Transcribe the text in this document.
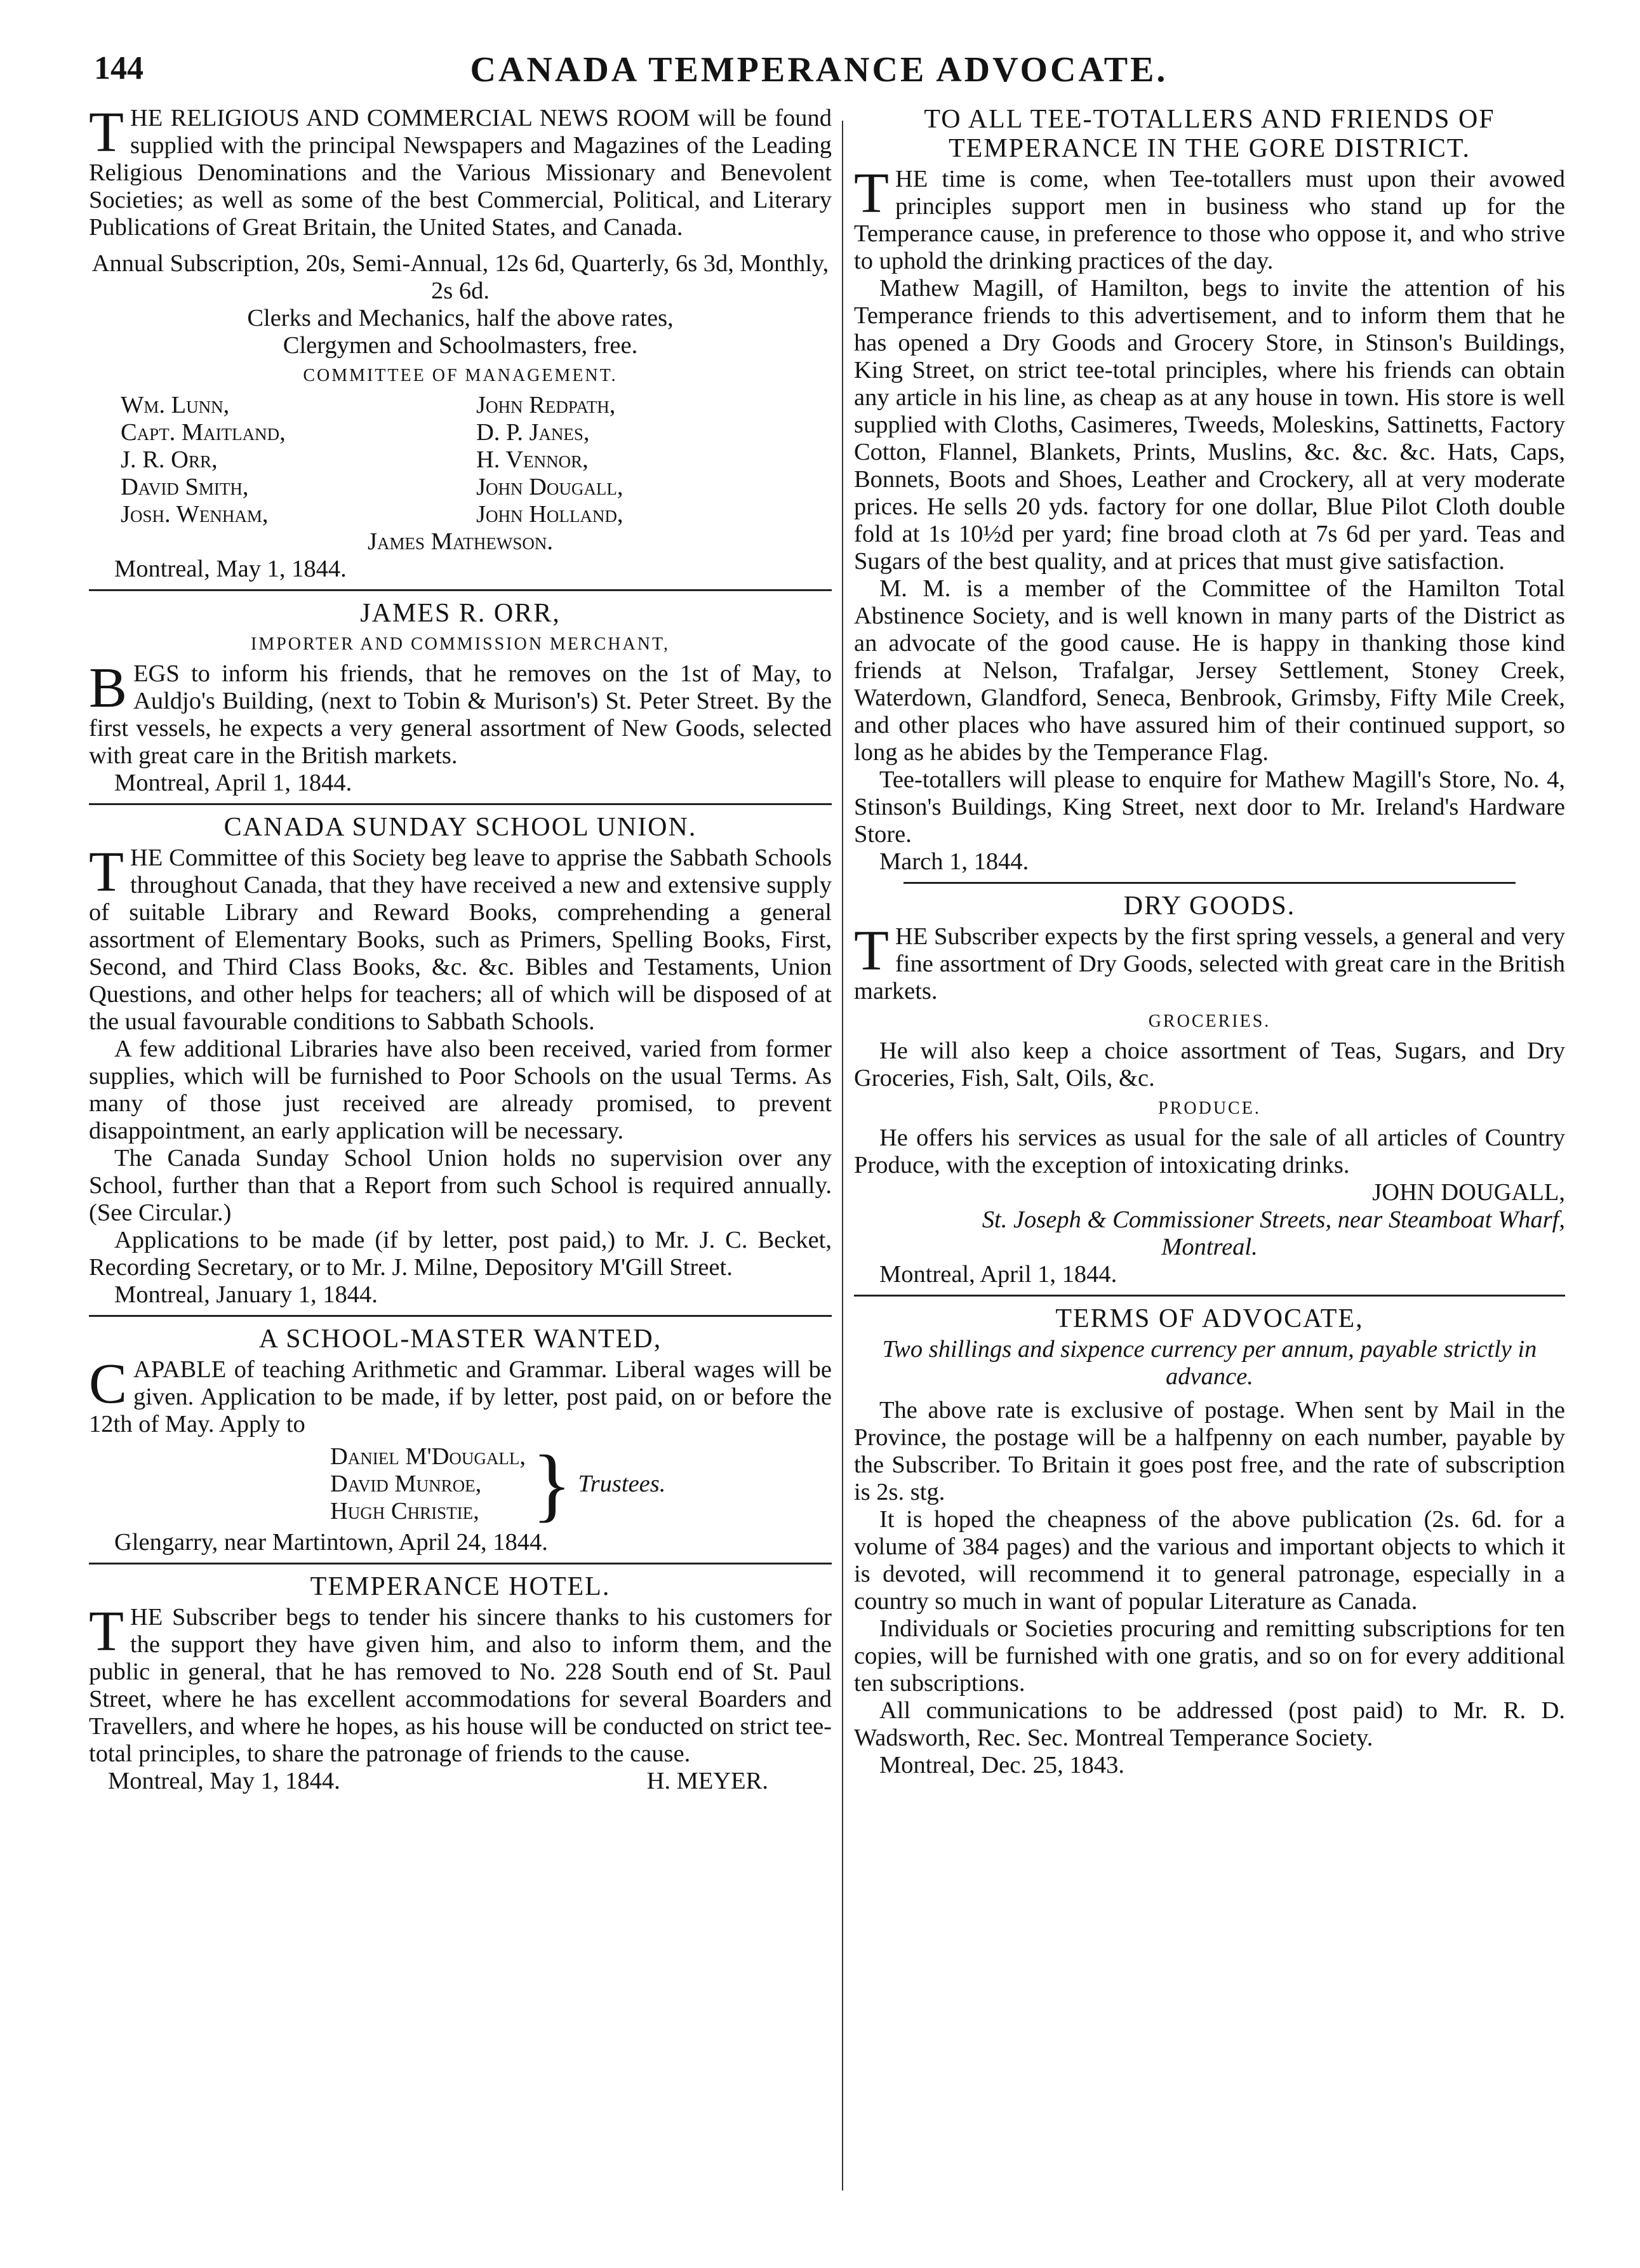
144	CANADA TEMPERANCE ADVOCATE.

THE RELIGIOUS AND COMMERCIAL NEWS ROOM will be found supplied with the principal Newspapers and Magazines of the Leading Religious Denominations and the Various Missionary and Benevolent Societies; as well as some of the best Commercial, Political, and Literary Publications of Great Britain, the United States, and Canada.

Annual Subscription, 20s, Semi-Annual, 12s 6d, Quarterly, 6s 3d, Monthly, 2s 6d.

Clerks and Mechanics, half the above rates,

Clergymen and Schoolmasters, free.

COMMITTEE OF MANAGEMENT.
Wm. Lunn,	John Redpath,
Capt. Maitland,	D. P. Janes,
J. R. Orr,	H. Vennor,
David Smith,	John Dougall,
Josh. Wenham,	John Holland,

James Mathewson.

Montreal, May 1, 1844.

JAMES R. ORR,
IMPORTER AND COMMISSION MERCHANT,

BEGS to inform his friends, that he removes on the 1st of May, to Auldjo's Building, (next to Tobin & Murison's) St. Peter Street. By the first vessels, he expects a very general assortment of New Goods, selected with great care in the British markets.

Montreal, April 1, 1844.

CANADA SUNDAY SCHOOL UNION.

THE Committee of this Society beg leave to apprise the Sabbath Schools throughout Canada, that they have received a new and extensive supply of suitable Library and Reward Books, comprehending a general assortment of Elementary Books, such as Primers, Spelling Books, First, Second, and Third Class Books, &c. &c. Bibles and Testaments, Union Questions, and other helps for teachers; all of which will be disposed of at the usual favourable conditions to Sabbath Schools.

A few additional Libraries have also been received, varied from former supplies, which will be furnished to Poor Schools on the usual Terms. As many of those just received are already promised, to prevent disappointment, an early application will be necessary.

The Canada Sunday School Union holds no supervision over any School, further than that a Report from such School is required annually. (See Circular.)

Applications to be made (if by letter, post paid,) to Mr. J. C. Becket, Recording Secretary, or to Mr. J. Milne, Depository M'Gill Street.

Montreal, January 1, 1844.

A SCHOOL-MASTER WANTED,

CAPABLE of teaching Arithmetic and Grammar. Liberal wages will be given. Application to be made, if by letter, post paid, on or before the 12th of May. Apply to

Daniel M'Dougall,
David Munroe,
Hugh Christie, } Trustees.

Glengarry, near Martintown, April 24, 1844.

TEMPERANCE HOTEL.

THE Subscriber begs to tender his sincere thanks to his customers for the support they have given him, and also to inform them, and the public in general, that he has removed to No. 228 South end of St. Paul Street, where he has excellent accommodations for several Boarders and Travellers, and where he hopes, as his house will be conducted on strict tee-total principles, to share the patronage of friends to the cause.

Montreal, May 1, 1844.	H. MEYER.
TO ALL TEE-TOTALLERS AND FRIENDS OF TEMPERANCE IN THE GORE DISTRICT.

THE time is come, when Tee-totallers must upon their avowed principles support men in business who stand up for the Temperance cause, in preference to those who oppose it, and who strive to uphold the drinking practices of the day.

Mathew Magill, of Hamilton, begs to invite the attention of his Temperance friends to this advertisement, and to inform them that he has opened a Dry Goods and Grocery Store, in Stinson's Buildings, King Street, on strict tee-total principles, where his friends can obtain any article in his line, as cheap as at any house in town. His store is well supplied with Cloths, Casimeres, Tweeds, Moleskins, Sattinetts, Factory Cotton, Flannel, Blankets, Prints, Muslins, &c. &c. &c. Hats, Caps, Bonnets, Boots and Shoes, Leather and Crockery, all at very moderate prices. He sells 20 yds. factory for one dollar, Blue Pilot Cloth double fold at 1s 10½d per yard; fine broad cloth at 7s 6d per yard. Teas and Sugars of the best quality, and at prices that must give satisfaction.

M. M. is a member of the Committee of the Hamilton Total Abstinence Society, and is well known in many parts of the District as an advocate of the good cause. He is happy in thanking those kind friends at Nelson, Trafalgar, Jersey Settlement, Stoney Creek, Waterdown, Glandford, Seneca, Benbrook, Grimsby, Fifty Mile Creek, and other places who have assured him of their continued support, so long as he abides by the Temperance Flag.

Tee-totallers will please to enquire for Mathew Magill's Store, No. 4, Stinson's Buildings, King Street, next door to Mr. Ireland's Hardware Store.

March 1, 1844.

DRY GOODS.

THE Subscriber expects by the first spring vessels, a general and very fine assortment of Dry Goods, selected with great care in the British markets.

GROCERIES.

He will also keep a choice assortment of Teas, Sugars, and Dry Groceries, Fish, Salt, Oils, &c.

PRODUCE.

He offers his services as usual for the sale of all articles of Country Produce, with the exception of intoxicating drinks.

JOHN DOUGALL,

St. Joseph & Commissioner Streets, near Steamboat Wharf,

Montreal.

Montreal, April 1, 1844.

TERMS OF ADVOCATE,

Two shillings and sixpence currency per annum, payable strictly in advance.

The above rate is exclusive of postage. When sent by Mail in the Province, the postage will be a halfpenny on each number, payable by the Subscriber. To Britain it goes post free, and the rate of subscription is 2s. stg.

It is hoped the cheapness of the above publication (2s. 6d. for a volume of 384 pages) and the various and important objects to which it is devoted, will recommend it to general patronage, especially in a country so much in want of popular Literature as Canada.

Individuals or Societies procuring and remitting subscriptions for ten copies, will be furnished with one gratis, and so on for every additional ten subscriptions.

All communications to be addressed (post paid) to Mr. R. D. Wadsworth, Rec. Sec. Montreal Temperance Society.

Montreal, Dec. 25, 1843.
